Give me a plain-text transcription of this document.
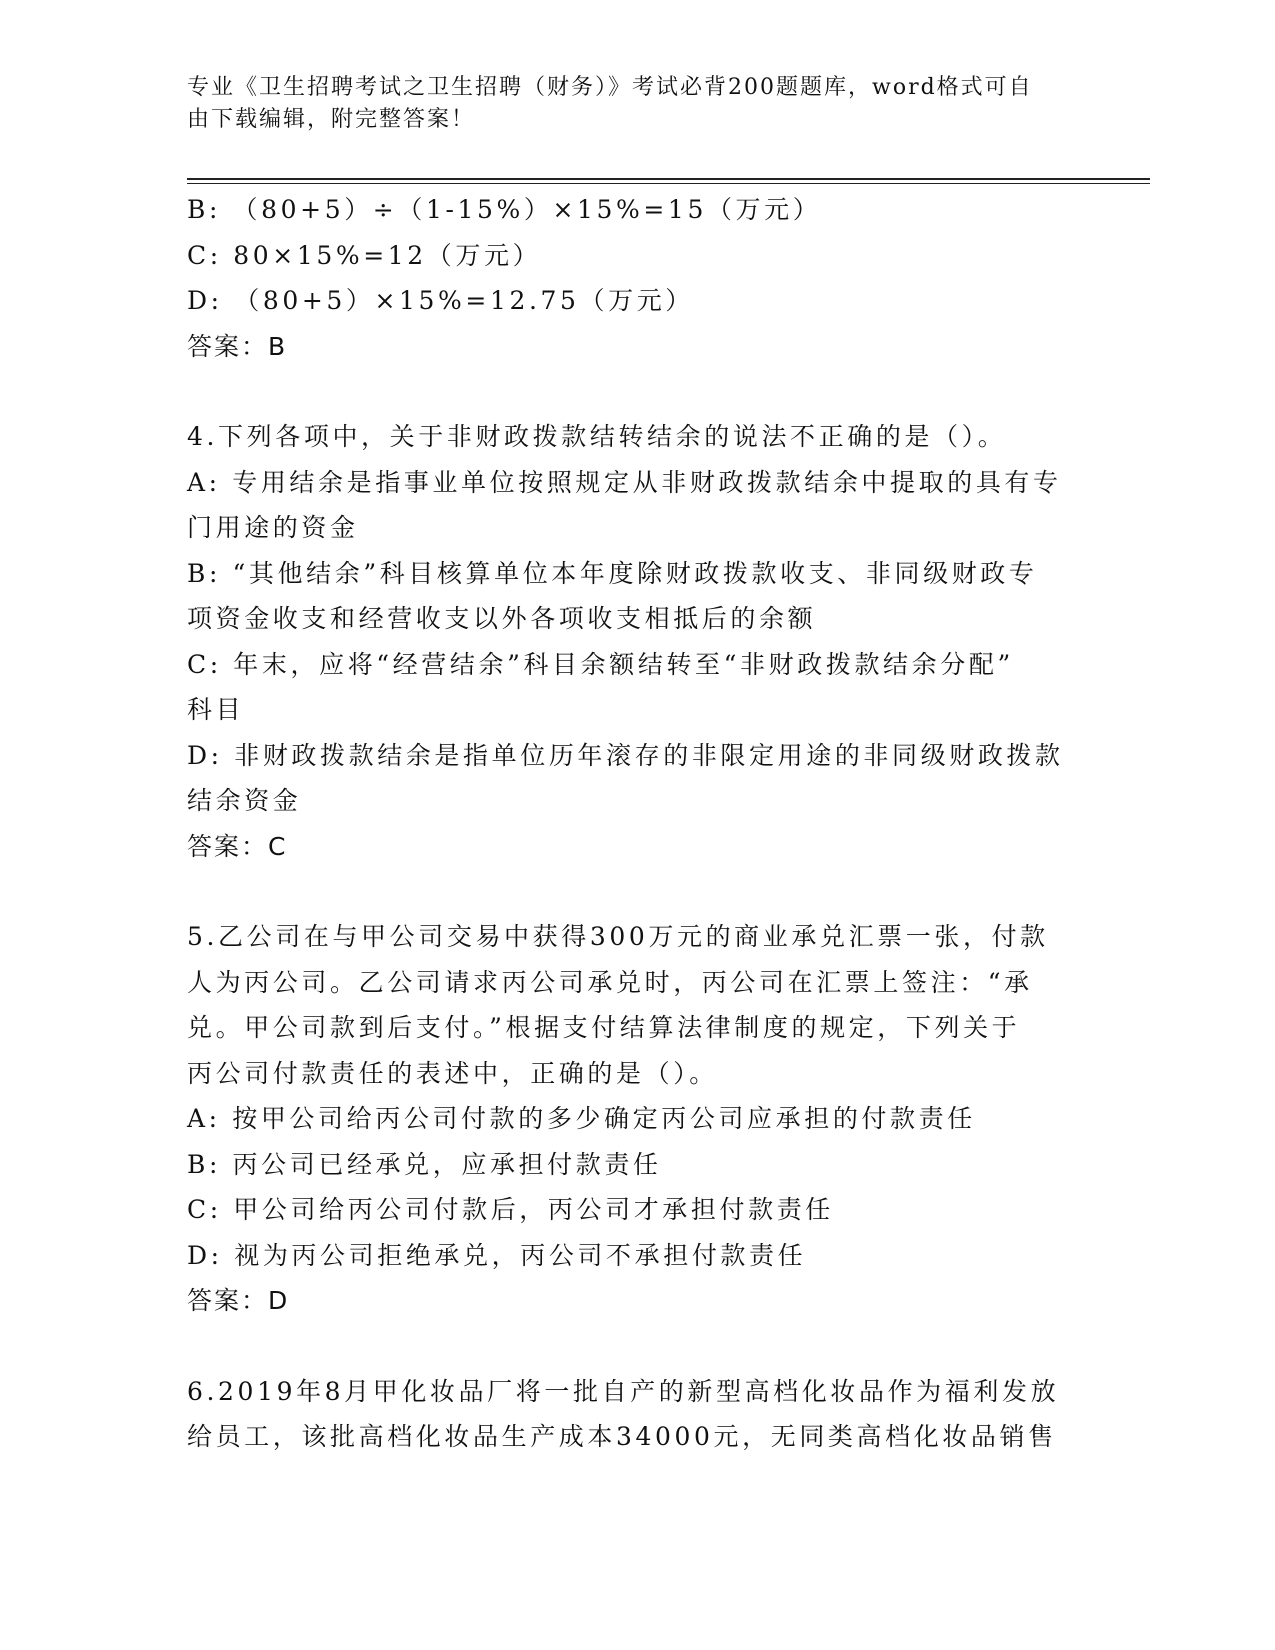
专业《卫生招聘考试之卫生招聘（财务）》考试必背200题题库，word格式可自
由下载编辑，附完整答案！
B: （80+5）÷（1-15%）×15%=15（万元）
C: 80×15%=12（万元）
D: （80+5）×15%=12.75（万元）
答案：B
4.下列各项中，关于非财政拨款结转结余的说法不正确的是（）。
A: 专用结余是指事业单位按照规定从非财政拨款结余中提取的具有专
门用途的资金
B: “其他结余”科目核算单位本年度除财政拨款收支、非同级财政专
项资金收支和经营收支以外各项收支相抵后的余额
C: 年末，应将“经营结余”科目余额结转至“非财政拨款结余分配”
科目
D: 非财政拨款结余是指单位历年滚存的非限定用途的非同级财政拨款
结余资金
答案：C
5.乙公司在与甲公司交易中获得300万元的商业承兑汇票一张，付款
人为丙公司。乙公司请求丙公司承兑时，丙公司在汇票上签注：“承
兑。甲公司款到后支付。”根据支付结算法律制度的规定，下列关于
丙公司付款责任的表述中，正确的是（）。
A: 按甲公司给丙公司付款的多少确定丙公司应承担的付款责任
B: 丙公司已经承兑，应承担付款责任
C: 甲公司给丙公司付款后，丙公司才承担付款责任
D: 视为丙公司拒绝承兑，丙公司不承担付款责任
答案：D
6.2019年8月甲化妆品厂将一批自产的新型高档化妆品作为福利发放
给员工，该批高档化妆品生产成本34000元，无同类高档化妆品销售
